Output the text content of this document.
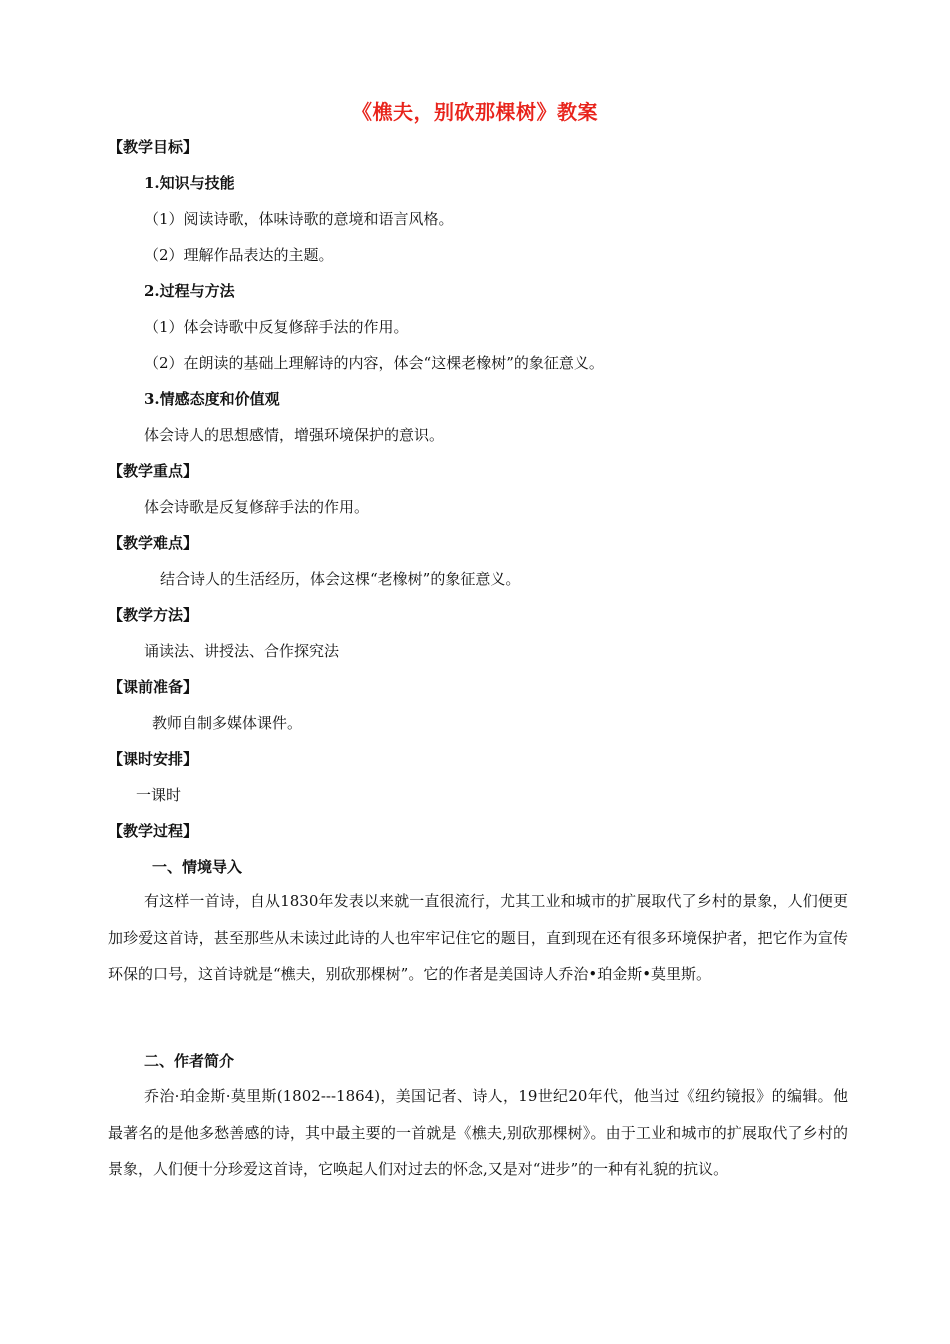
《樵夫，别砍那棵树》教案
【教学目标】
1.知识与技能
（1）阅读诗歌，体味诗歌的意境和语言风格。
（2）理解作品表达的主题。
2.过程与方法
（1）体会诗歌中反复修辞手法的作用。
（2）在朗读的基础上理解诗的内容，体会“这棵老橡树”的象征意义。
3.情感态度和价值观
体会诗人的思想感情，增强环境保护的意识。
【教学重点】
体会诗歌是反复修辞手法的作用。
【教学难点】
结合诗人的生活经历，体会这棵“老橡树”的象征意义。
【教学方法】
诵读法、讲授法、合作探究法
【课前准备】
教师自制多媒体课件。
【课时安排】
一课时
【教学过程】
一、情境导入
有这样一首诗，自从1830年发表以来就一直很流行，尤其工业和城市的扩展取代了乡村的景象，人们便更加珍爱这首诗，甚至那些从未读过此诗的人也牢牢记住它的题目，直到现在还有很多环境保护者，把它作为宣传环保的口号，这首诗就是“樵夫，别砍那棵树”。它的作者是美国诗人乔治•珀金斯•莫里斯。
二、作者简介
乔治·珀金斯·莫里斯(1802---1864)，美国记者、诗人，19世纪20年代，他当过《纽约镜报》的编辑。他最著名的是他多愁善感的诗，其中最主要的一首就是《樵夫,别砍那棵树》。由于工业和城市的扩展取代了乡村的景象，人们便十分珍爱这首诗，它唤起人们对过去的怀念,又是对“进步”的一种有礼貌的抗议。
